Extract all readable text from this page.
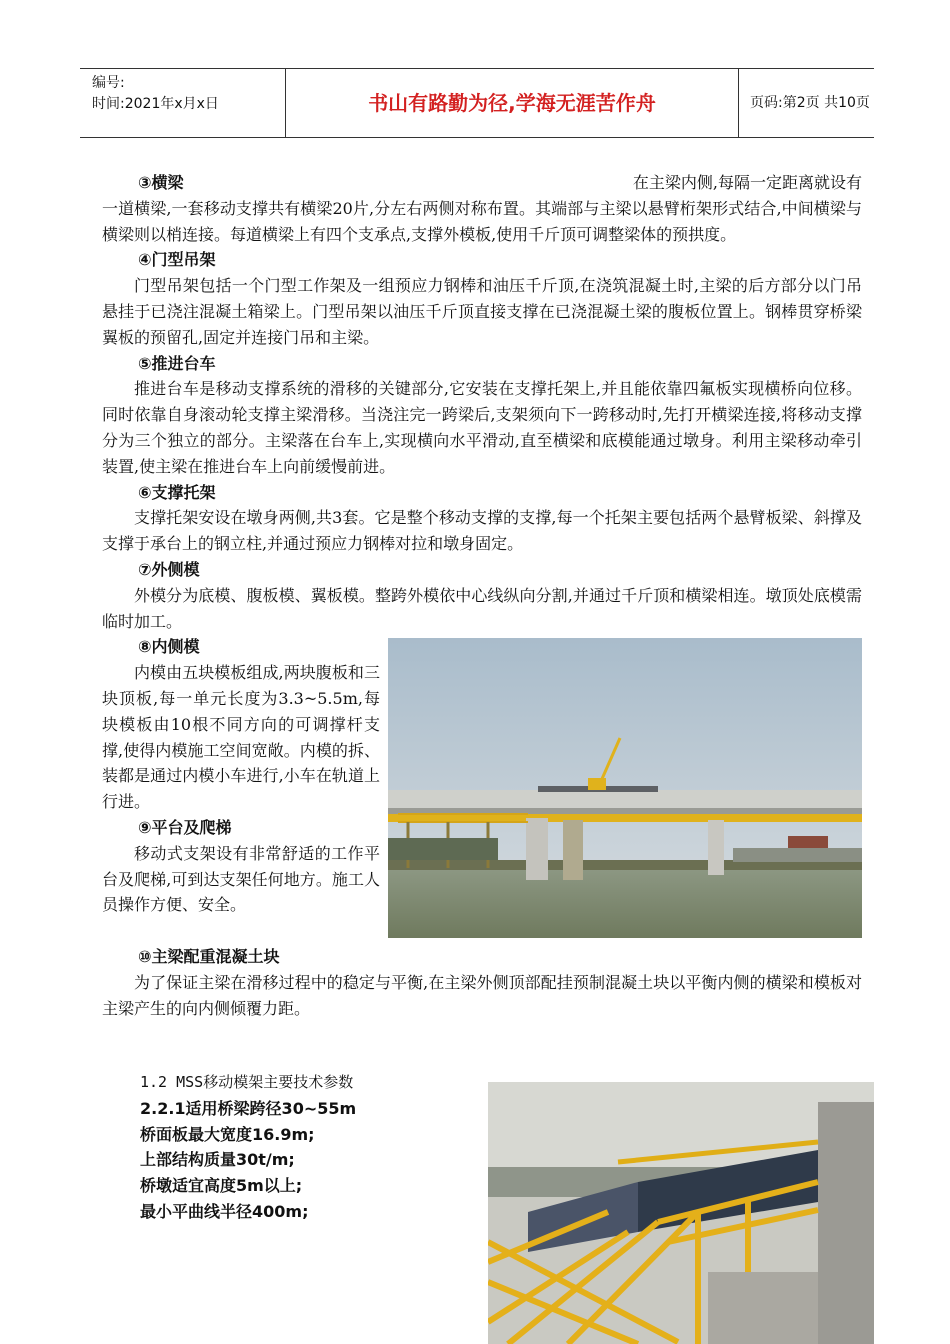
编号:
时间:2021年x月x日	书山有路勤为径,学海无涯苦作舟	页码:第2页 共10页

在主梁内侧,每隔一定距离就设有
③横梁

一道横梁,一套移动支撑共有横梁20片,分左右两侧对称布置。其端部与主梁以悬臂桁架形式结合,中间横梁与横梁则以梢连接。每道横梁上有四个支承点,支撑外模板,使用千斤顶可调整梁体的预拱度。

④门型吊架

门型吊架包括一个门型工作架及一组预应力钢棒和油压千斤顶,在浇筑混凝土时,主梁的后方部分以门吊悬挂于已浇注混凝土箱梁上。门型吊架以油压千斤顶直接支撑在已浇混凝土梁的腹板位置上。钢棒贯穿桥梁翼板的预留孔,固定并连接门吊和主梁。

⑤推进台车

推进台车是移动支撑系统的滑移的关键部分,它安装在支撑托架上,并且能依靠四氟板实现横桥向位移。同时依靠自身滚动轮支撑主梁滑移。当浇注完一跨梁后,支架须向下一跨移动时,先打开横梁连接,将移动支撑分为三个独立的部分。主梁落在台车上,实现横向水平滑动,直至横梁和底模能通过墩身。利用主梁移动牵引装置,使主梁在推进台车上向前缓慢前进。

⑥支撑托架

支撑托架安设在墩身两侧,共3套。它是整个移动支撑的支撑,每一个托架主要包括两个悬臂板梁、斜撑及支撑于承台上的钢立柱,并通过预应力钢棒对拉和墩身固定。

⑦外侧模

外模分为底模、腹板模、翼板模。整跨外模依中心线纵向分割,并通过千斤顶和横梁相连。墩顶处底模需临时加工。

⑧内侧模

内模由五块模板组成,两块腹板和三块顶板,每一单元长度为3.3~5.5m,每块模板由10根不同方向的可调撑杆支撑,使得内模施工空间宽敞。内模的拆、装都是通过内模小车进行,小车在轨道上行进。

⑨平台及爬梯

移动式支架设有非常舒适的工作平台及爬梯,可到达支架任何地方。施工人员操作方便、安全。

⑩主梁配重混凝土块

为了保证主梁在滑移过程中的稳定与平衡,在主梁外侧顶部配挂预制混凝土块以平衡内侧的横梁和模板对主梁产生的向内侧倾覆力距。

1.2 MSS移动模架主要技术参数

2.2.1适用桥梁跨径30~55m

桥面板最大宽度16.9m;

上部结构质量30t/m;

桥墩适宜高度5m以上;

最小平曲线半径400m;
